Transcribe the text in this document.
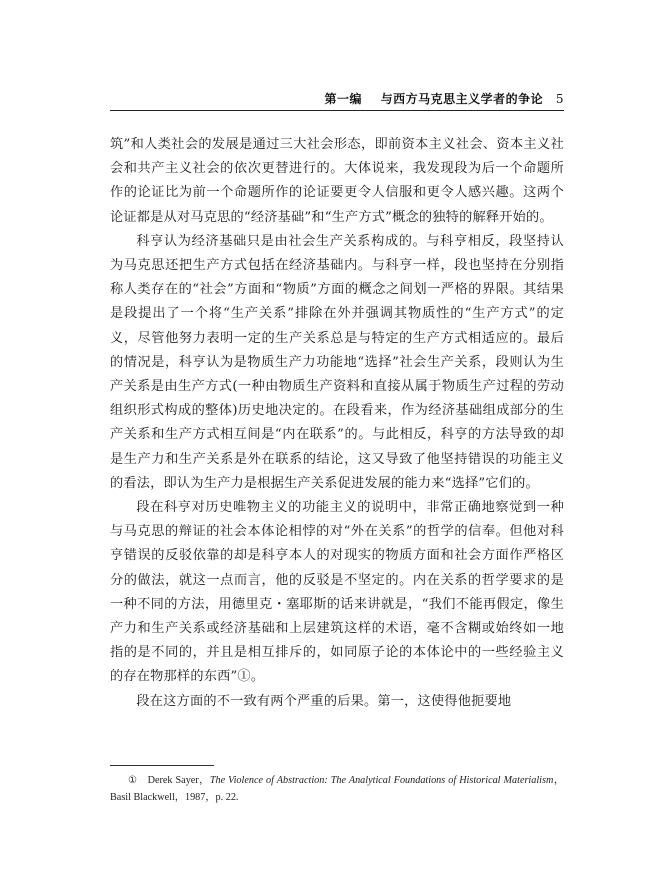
第一编 与西方马克思主义学者的争论 5

筑”和人类社会的发展是通过三大社会形态，即前资本主义社会、资本主义社会和共产主义社会的依次更替进行的。大体说来，我发现段为后一个命题所作的论证比为前一个命题所作的论证要更令人信服和更令人感兴趣。这两个论证都是从对马克思的“经济基础”和“生产方式”概念的独特的解释开始的。

科亨认为经济基础只是由社会生产关系构成的。与科亨相反，段坚持认为马克思还把生产方式包括在经济基础内。与科亨一样，段也坚持在分别指称人类存在的“社会”方面和“物质”方面的概念之间划一严格的界限。其结果是段提出了一个将“生产关系”排除在外并强调其物质性的“生产方式”的定义，尽管他努力表明一定的生产关系总是与特定的生产方式相适应的。最后的情况是，科亨认为是物质生产力功能地“选择”社会生产关系，段则认为生产关系是由生产方式(一种由物质生产资料和直接从属于物质生产过程的劳动组织形式构成的整体)历史地决定的。在段看来，作为经济基础组成部分的生产关系和生产方式相互间是“内在联系”的。与此相反，科亨的方法导致的却是生产力和生产关系是外在联系的结论，这又导致了他坚持错误的功能主义的看法，即认为生产力是根据生产关系促进发展的能力来“选择”它们的。

段在科亨对历史唯物主义的功能主义的说明中，非常正确地察觉到一种与马克思的辩证的社会本体论相悖的对“外在关系”的哲学的信奉。但他对科亨错误的反驳依靠的却是科亨本人的对现实的物质方面和社会方面作严格区分的做法，就这一点而言，他的反驳是不坚定的。内在关系的哲学要求的是一种不同的方法，用德里克・塞耶斯的话来讲就是，“我们不能再假定，像生产力和生产关系或经济基础和上层建筑这样的术语，毫不含糊或始终如一地指的是不同的，并且是相互排斥的，如同原子论的本体论中的一些经验主义的存在物那样的东西”①。

段在这方面的不一致有两个严重的后果。第一，这使得他扼要地

① Derek Sayer，The Violence of Abstraction: The Analytical Foundations of Historical Materialism，Basil Blackwell，1987，p. 22.
